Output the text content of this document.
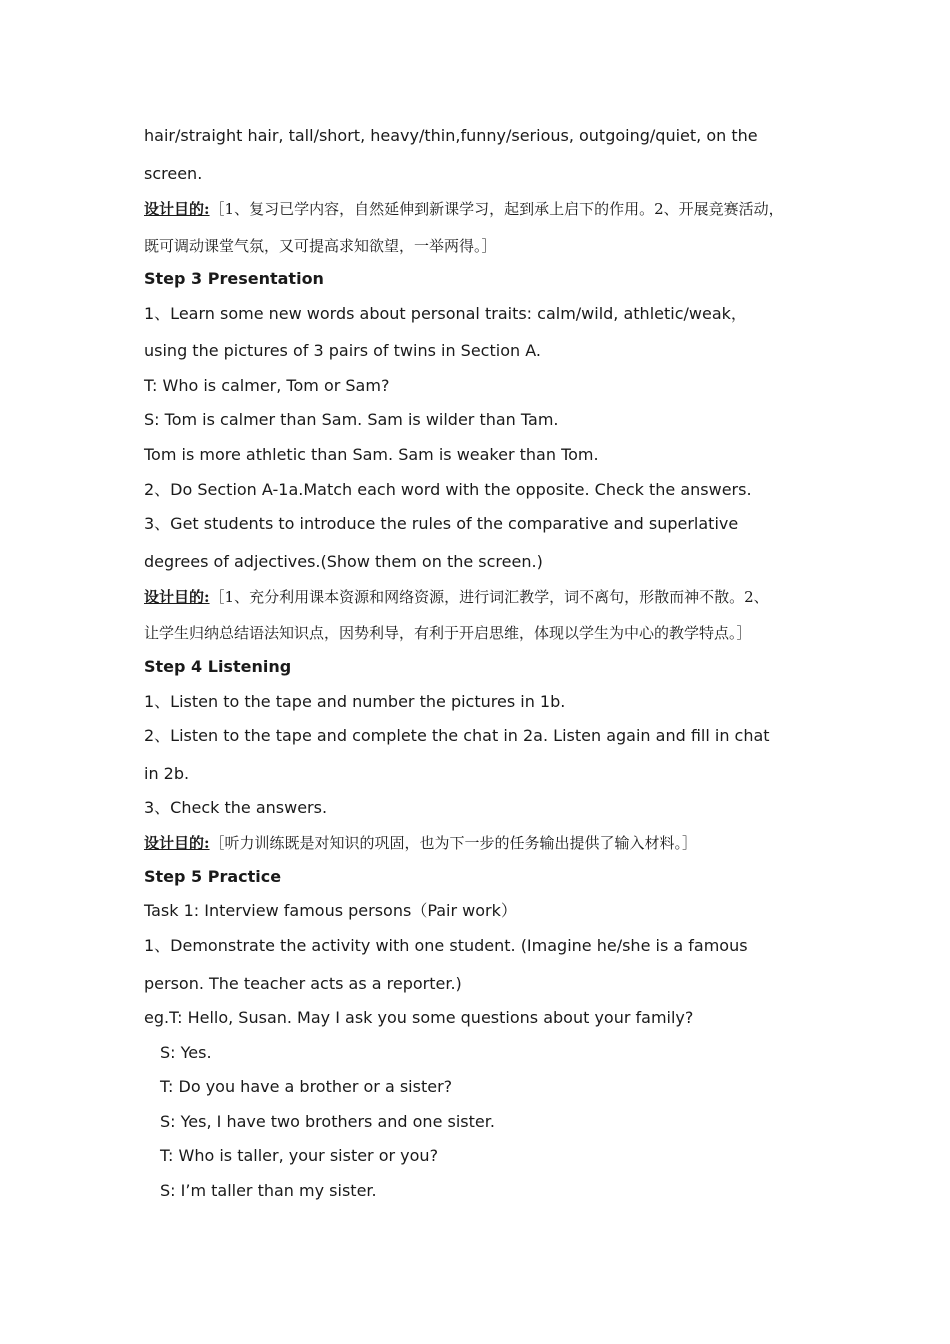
hair/straight hair, tall/short, heavy/thin,funny/serious, outgoing/quiet, on the
screen.
设计目的:［1、复习已学内容，自然延伸到新课学习，起到承上启下的作用。2、开展竞赛活动，
既可调动课堂气氛，又可提高求知欲望，一举两得。］
Step 3 Presentation
1、Learn some new words about personal traits: calm/wild, athletic/weak，
using the pictures of 3 pairs of twins in Section A.
T: Who is calmer, Tom or Sam?
S: Tom is calmer than Sam. Sam is wilder than Tam.
Tom is more athletic than Sam. Sam is weaker than Tom.
2、Do Section A-1a.Match each word with the opposite. Check the answers.
3、Get students to introduce the rules of the comparative and superlative
degrees of adjectives.(Show them on the screen.)
设计目的:［1、充分利用课本资源和网络资源，进行词汇教学，词不离句，形散而神不散。2、
让学生归纳总结语法知识点，因势利导，有利于开启思维，体现以学生为中心的教学特点。］
Step 4 Listening
1、Listen to the tape and number the pictures in 1b.
2、Listen to the tape and complete the chat in 2a. Listen again and fill in chat
in 2b.
3、Check the answers.
设计目的:［听力训练既是对知识的巩固，也为下一步的任务输出提供了输入材料。］
Step 5 Practice
Task 1: Interview famous persons（Pair work）
1、Demonstrate the activity with one student. (Imagine he/she is a famous
person. The teacher acts as a reporter.)
eg.T: Hello, Susan. May I ask you some questions about your family?
S: Yes.
T: Do you have a brother or a sister?
S: Yes, I have two brothers and one sister.
T: Who is taller, your sister or you?
S: I’m taller than my sister.
